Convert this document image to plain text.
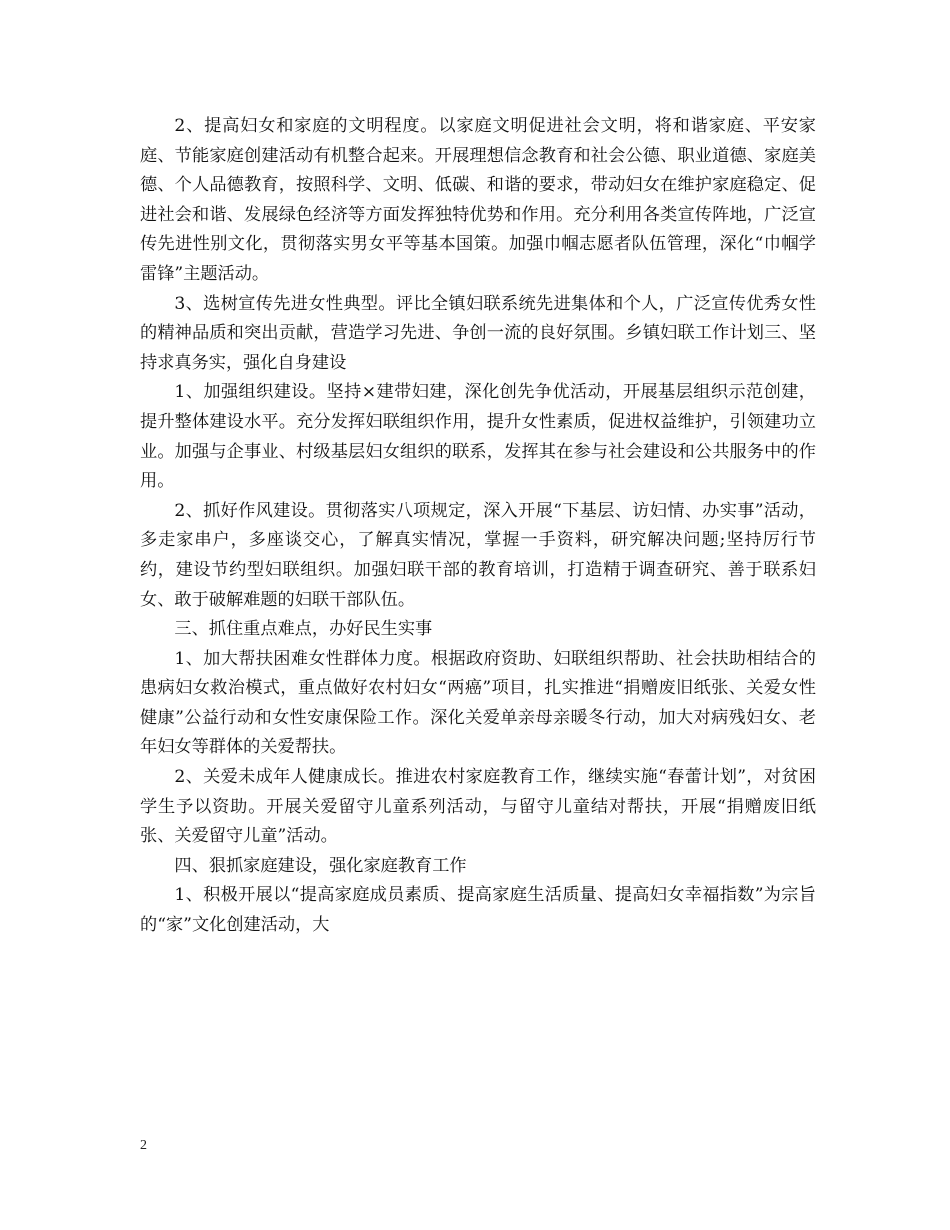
2、提高妇女和家庭的文明程度。以家庭文明促进社会文明，将和谐家庭、平安家庭、节能家庭创建活动有机整合起来。开展理想信念教育和社会公德、职业道德、家庭美德、个人品德教育，按照科学、文明、低碳、和谐的要求，带动妇女在维护家庭稳定、促进社会和谐、发展绿色经济等方面发挥独特优势和作用。充分利用各类宣传阵地，广泛宣传先进性别文化，贯彻落实男女平等基本国策。加强巾帼志愿者队伍管理，深化“巾帼学雷锋”主题活动。

3、选树宣传先进女性典型。评比全镇妇联系统先进集体和个人，广泛宣传优秀女性的精神品质和突出贡献，营造学习先进、争创一流的良好氛围。乡镇妇联工作计划三、坚持求真务实，强化自身建设

1、加强组织建设。坚持×建带妇建，深化创先争优活动，开展基层组织示范创建，提升整体建设水平。充分发挥妇联组织作用，提升女性素质，促进权益维护，引领建功立业。加强与企事业、村级基层妇女组织的联系，发挥其在参与社会建设和公共服务中的作用。

2、抓好作风建设。贯彻落实八项规定，深入开展“下基层、访妇情、办实事”活动，多走家串户，多座谈交心，了解真实情况，掌握一手资料，研究解决问题;坚持厉行节约，建设节约型妇联组织。加强妇联干部的教育培训，打造精于调查研究、善于联系妇女、敢于破解难题的妇联干部队伍。

三、抓住重点难点，办好民生实事

1、加大帮扶困难女性群体力度。根据政府资助、妇联组织帮助、社会扶助相结合的患病妇女救治模式，重点做好农村妇女“两癌”项目，扎实推进“捐赠废旧纸张、关爱女性健康”公益行动和女性安康保险工作。深化关爱单亲母亲暖冬行动，加大对病残妇女、老年妇女等群体的关爱帮扶。

2、关爱未成年人健康成长。推进农村家庭教育工作，继续实施“春蕾计划”，对贫困学生予以资助。开展关爱留守儿童系列活动，与留守儿童结对帮扶，开展“捐赠废旧纸张、关爱留守儿童”活动。

四、狠抓家庭建设，强化家庭教育工作

1、积极开展以“提高家庭成员素质、提高家庭生活质量、提高妇女幸福指数”为宗旨的“家”文化创建活动，大

2
